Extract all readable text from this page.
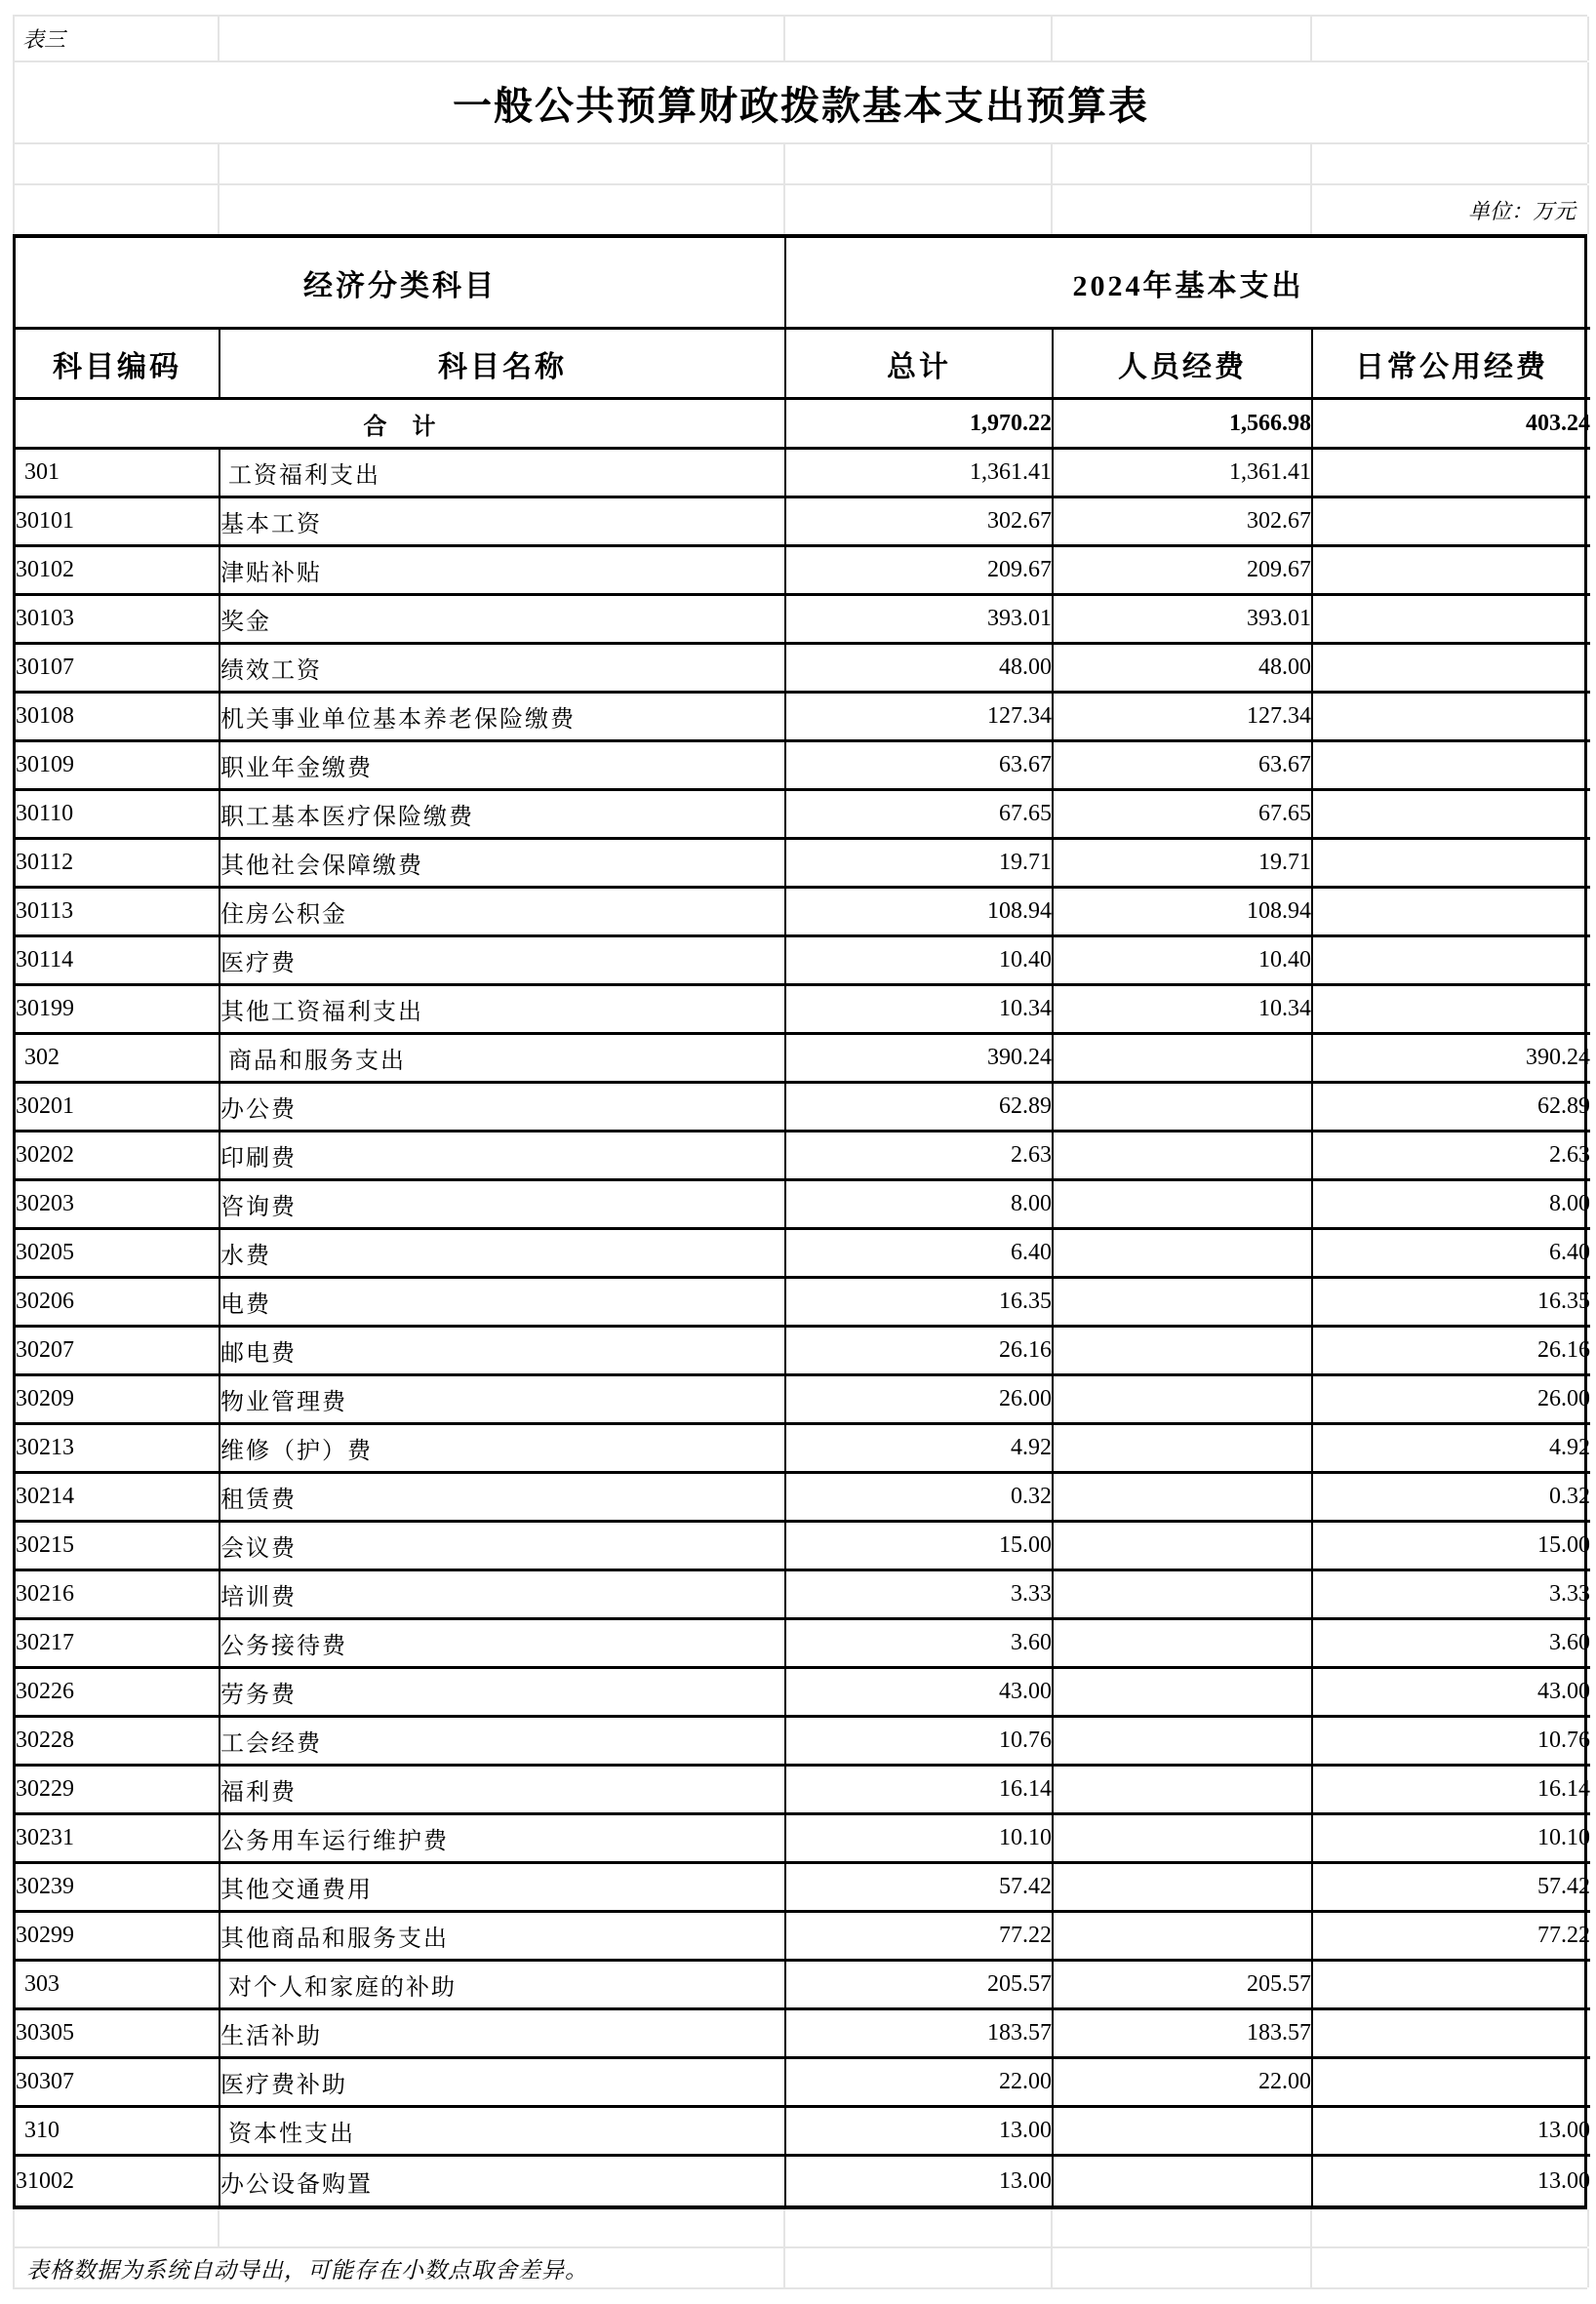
表三
一般公共预算财政拨款基本支出预算表
单位：万元
经济分类科目		2024年基本支出		
科目编码	科目名称	总计	人员经费	日常公用经费
合　计		1,970.22	1,566.98	403.24
301	工资福利支出	1,361.41	1,361.41	
30101	基本工资	302.67	302.67	
30102	津贴补贴	209.67	209.67	
30103	奖金	393.01	393.01	
30107	绩效工资	48.00	48.00	
30108	机关事业单位基本养老保险缴费	127.34	127.34	
30109	职业年金缴费	63.67	63.67	
30110	职工基本医疗保险缴费	67.65	67.65	
30112	其他社会保障缴费	19.71	19.71	
30113	住房公积金	108.94	108.94	
30114	医疗费	10.40	10.40	
30199	其他工资福利支出	10.34	10.34	
302	商品和服务支出	390.24		390.24
30201	办公费	62.89		62.89
30202	印刷费	2.63		2.63
30203	咨询费	8.00		8.00
30205	水费	6.40		6.40
30206	电费	16.35		16.35
30207	邮电费	26.16		26.16
30209	物业管理费	26.00		26.00
30213	维修（护）费	4.92		4.92
30214	租赁费	0.32		0.32
30215	会议费	15.00		15.00
30216	培训费	3.33		3.33
30217	公务接待费	3.60		3.60
30226	劳务费	43.00		43.00
30228	工会经费	10.76		10.76
30229	福利费	16.14		16.14
30231	公务用车运行维护费	10.10		10.10
30239	其他交通费用	57.42		57.42
30299	其他商品和服务支出	77.22		77.22
303	对个人和家庭的补助	205.57	205.57	
30305	生活补助	183.57	183.57	
30307	医疗费补助	22.00	22.00	
310	资本性支出	13.00		13.00
31002	办公设备购置	13.00		13.00
表格数据为系统自动导出，可能存在小数点取舍差异。
